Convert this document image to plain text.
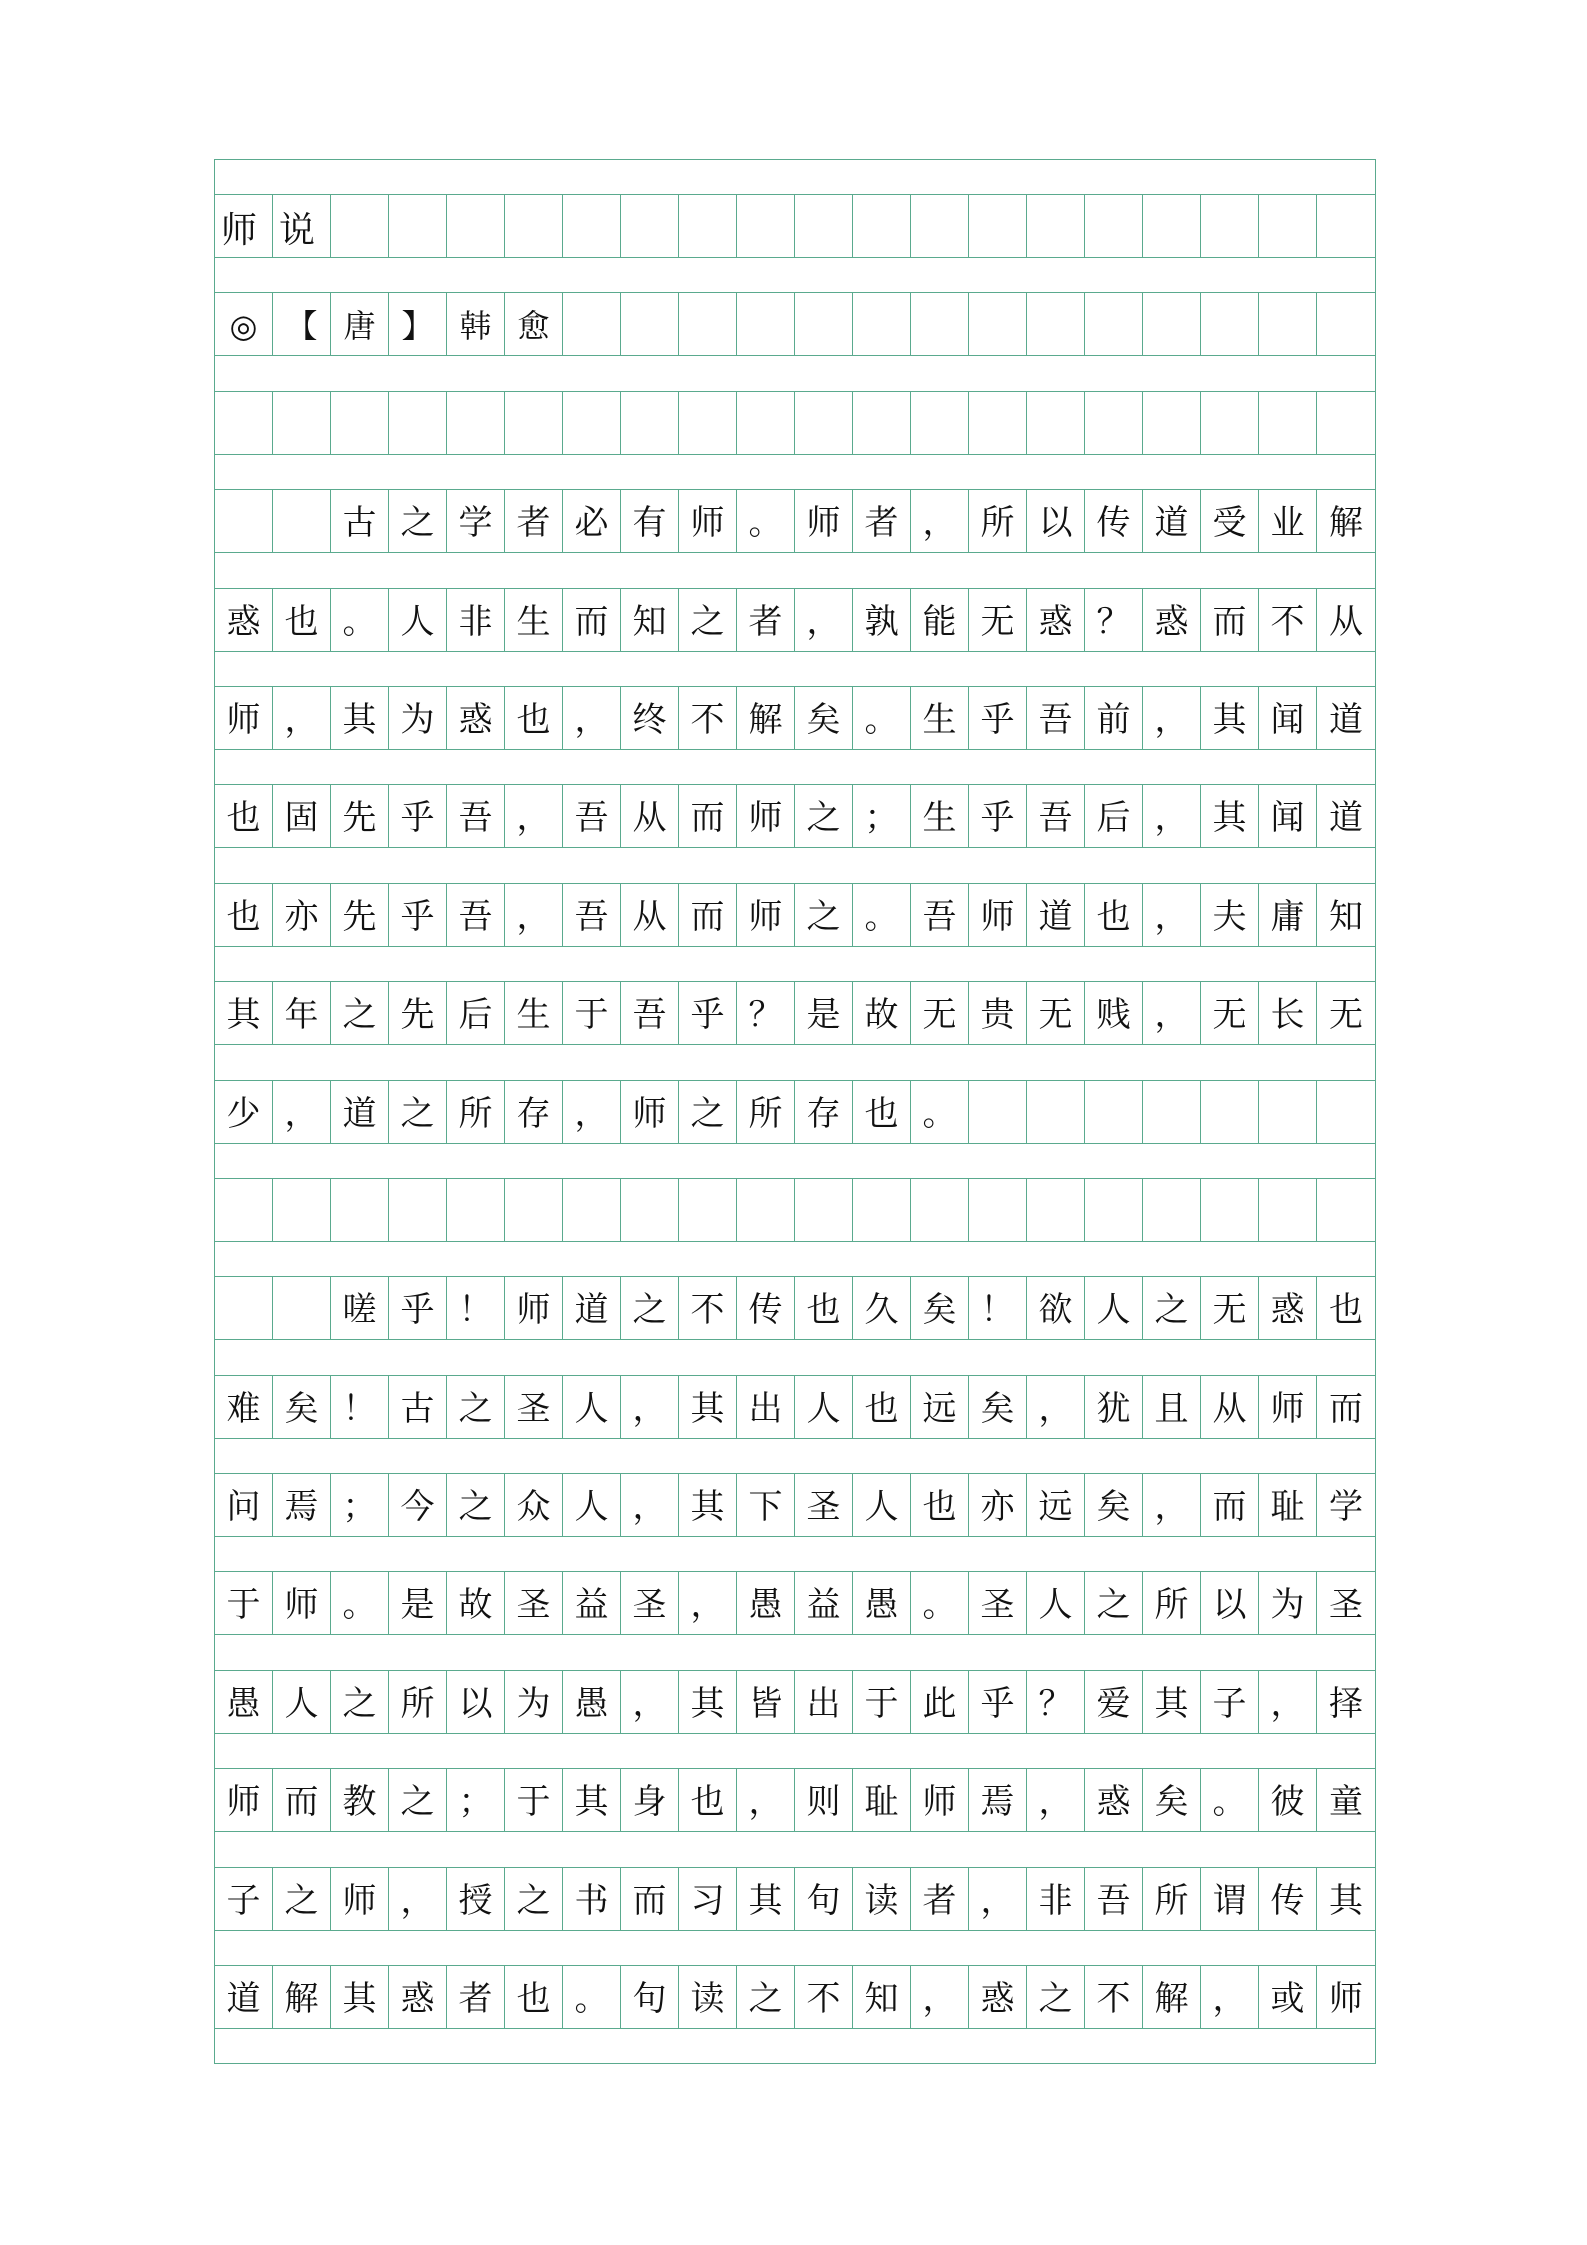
师 说
◎ 【 唐 】 韩 愈
古 之 学 者 必 有 师 。 师 者 ， 所 以 传 道 受 业 解
惑 也 。 人 非 生 而 知 之 者 ， 孰 能 无 惑 ？ 惑 而 不 从
师 ， 其 为 惑 也 ， 终 不 解 矣 。 生 乎 吾 前 ， 其 闻 道
也 固 先 乎 吾 ， 吾 从 而 师 之 ； 生 乎 吾 后 ， 其 闻 道
也 亦 先 乎 吾 ， 吾 从 而 师 之 。 吾 师 道 也 ， 夫 庸 知
其 年 之 先 后 生 于 吾 乎 ？ 是 故 无 贵 无 贱 ， 无 长 无
少 ， 道 之 所 存 ， 师 之 所 存 也 。
嗟 乎 ！ 师 道 之 不 传 也 久 矣 ！ 欲 人 之 无 惑 也
难 矣 ！ 古 之 圣 人 ， 其 出 人 也 远 矣 ， 犹 且 从 师 而
问 焉 ； 今 之 众 人 ， 其 下 圣 人 也 亦 远 矣 ， 而 耻 学
于 师 。 是 故 圣 益 圣 ， 愚 益 愚 。 圣 人 之 所 以 为 圣
愚 人 之 所 以 为 愚 ， 其 皆 出 于 此 乎 ？ 爱 其 子 ， 择
师 而 教 之 ； 于 其 身 也 ， 则 耻 师 焉 ， 惑 矣 。 彼 童
子 之 师 ， 授 之 书 而 习 其 句 读 者 ， 非 吾 所 谓 传 其
道 解 其 惑 者 也 。 句 读 之 不 知 ， 惑 之 不 解 ， 或 师
